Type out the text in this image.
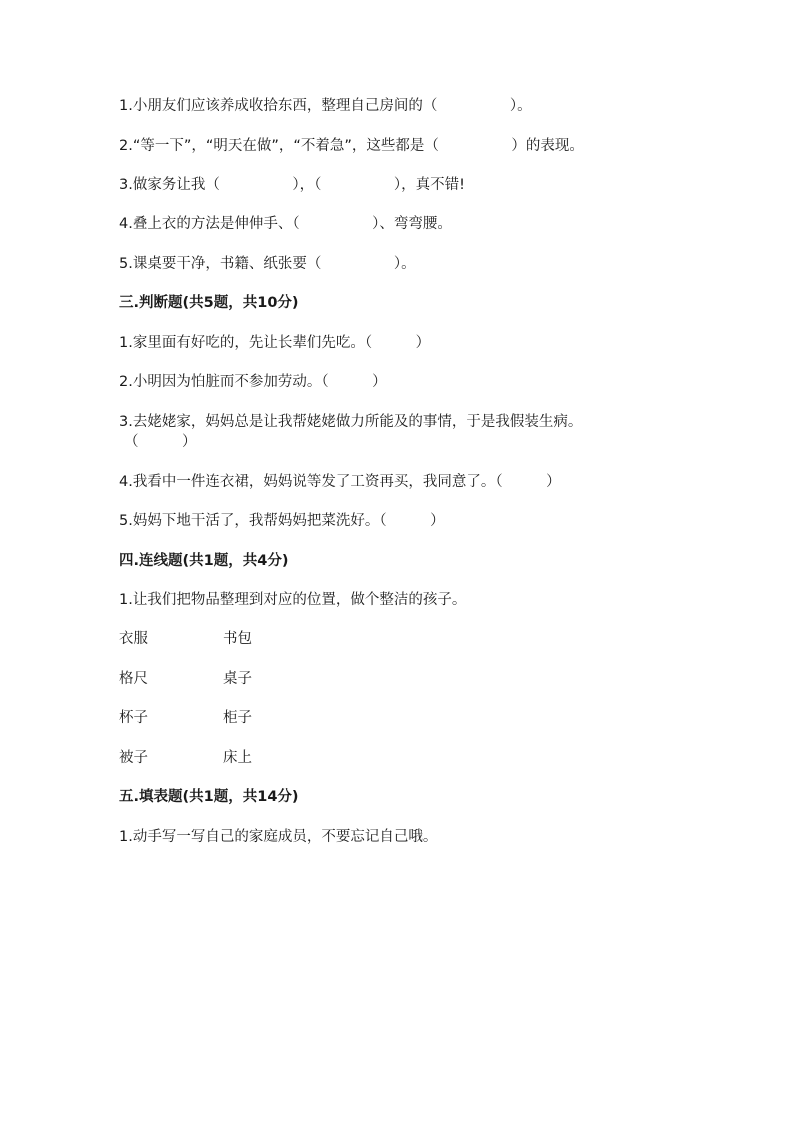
1.小朋友们应该养成收拾东西，整理自己房间的（　　　　　）。
2.“等一下”，“明天在做”，“不着急”，这些都是（　　　　　）的表现。
3.做家务让我（　　　　　），（　　　　　），真不错!
4.叠上衣的方法是伸伸手、（　　　　　）、弯弯腰。
5.课桌要干净，书籍、纸张要（　　　　　）。
三.判断题(共5题，共10分)
1.家里面有好吃的，先让长辈们先吃。（　　　）
2.小明因为怕脏而不参加劳动。（　　　）
3.去姥姥家，妈妈总是让我帮姥姥做力所能及的事情，于是我假装生病。
（　　　）
4.我看中一件连衣裙，妈妈说等发了工资再买，我同意了。（　　　）
5.妈妈下地干活了，我帮妈妈把菜洗好。（　　　）
四.连线题(共1题，共4分)
1.让我们把物品整理到对应的位置，做个整洁的孩子。
衣服	书包
格尺	桌子
杯子	柜子
被子	床上
五.填表题(共1题，共14分)
1.动手写一写自己的家庭成员，不要忘记自己哦。
